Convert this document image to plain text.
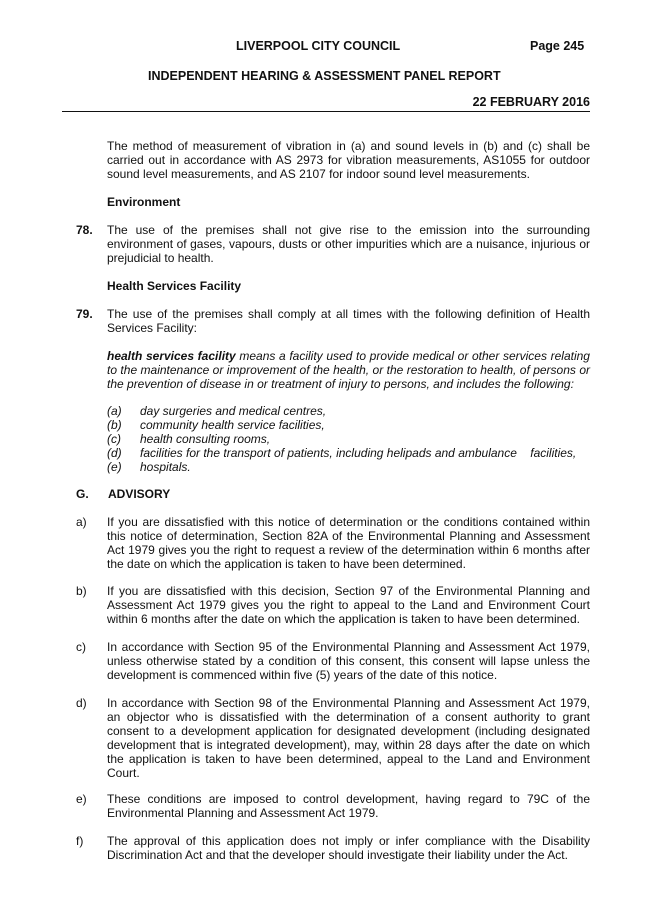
LIVERPOOL CITY COUNCIL	Page 245
INDEPENDENT HEARING & ASSESSMENT PANEL REPORT
22 FEBRUARY 2016
The method of measurement of vibration in (a) and sound levels in (b) and (c) shall be carried out in accordance with AS 2973 for vibration measurements, AS1055 for outdoor sound level measurements, and AS 2107 for indoor sound level measurements.
Environment
78. The use of the premises shall not give rise to the emission into the surrounding environment of gases, vapours, dusts or other impurities which are a nuisance, injurious or prejudicial to health.
Health Services Facility
79. The use of the premises shall comply at all times with the following definition of Health Services Facility:
health services facility means a facility used to provide medical or other services relating to the maintenance or improvement of the health, or the restoration to health, of persons or the prevention of disease in or treatment of injury to persons, and includes the following:
(a) day surgeries and medical centres,
(b) community health service facilities,
(c) health consulting rooms,
(d) facilities for the transport of patients, including helipads and ambulance    facilities,
(e) hospitals.
G. ADVISORY
a) If you are dissatisfied with this notice of determination or the conditions contained within this notice of determination, Section 82A of the Environmental Planning and Assessment Act 1979 gives you the right to request a review of the determination within 6 months after the date on which the application is taken to have been determined.
b) If you are dissatisfied with this decision, Section 97 of the Environmental Planning and Assessment Act 1979 gives you the right to appeal to the Land and Environment Court within 6 months after the date on which the application is taken to have been determined.
c) In accordance with Section 95 of the Environmental Planning and Assessment Act 1979, unless otherwise stated by a condition of this consent, this consent will lapse unless the development is commenced within five (5) years of the date of this notice.
d) In accordance with Section 98 of the Environmental Planning and Assessment Act 1979, an objector who is dissatisfied with the determination of a consent authority to grant consent to a development application for designated development (including designated development that is integrated development), may, within 28 days after the date on which the application is taken to have been determined, appeal to the Land and Environment Court.
e) These conditions are imposed to control development, having regard to 79C of the Environmental Planning and Assessment Act 1979.
f) The approval of this application does not imply or infer compliance with the Disability Discrimination Act and that the developer should investigate their liability under the Act.
